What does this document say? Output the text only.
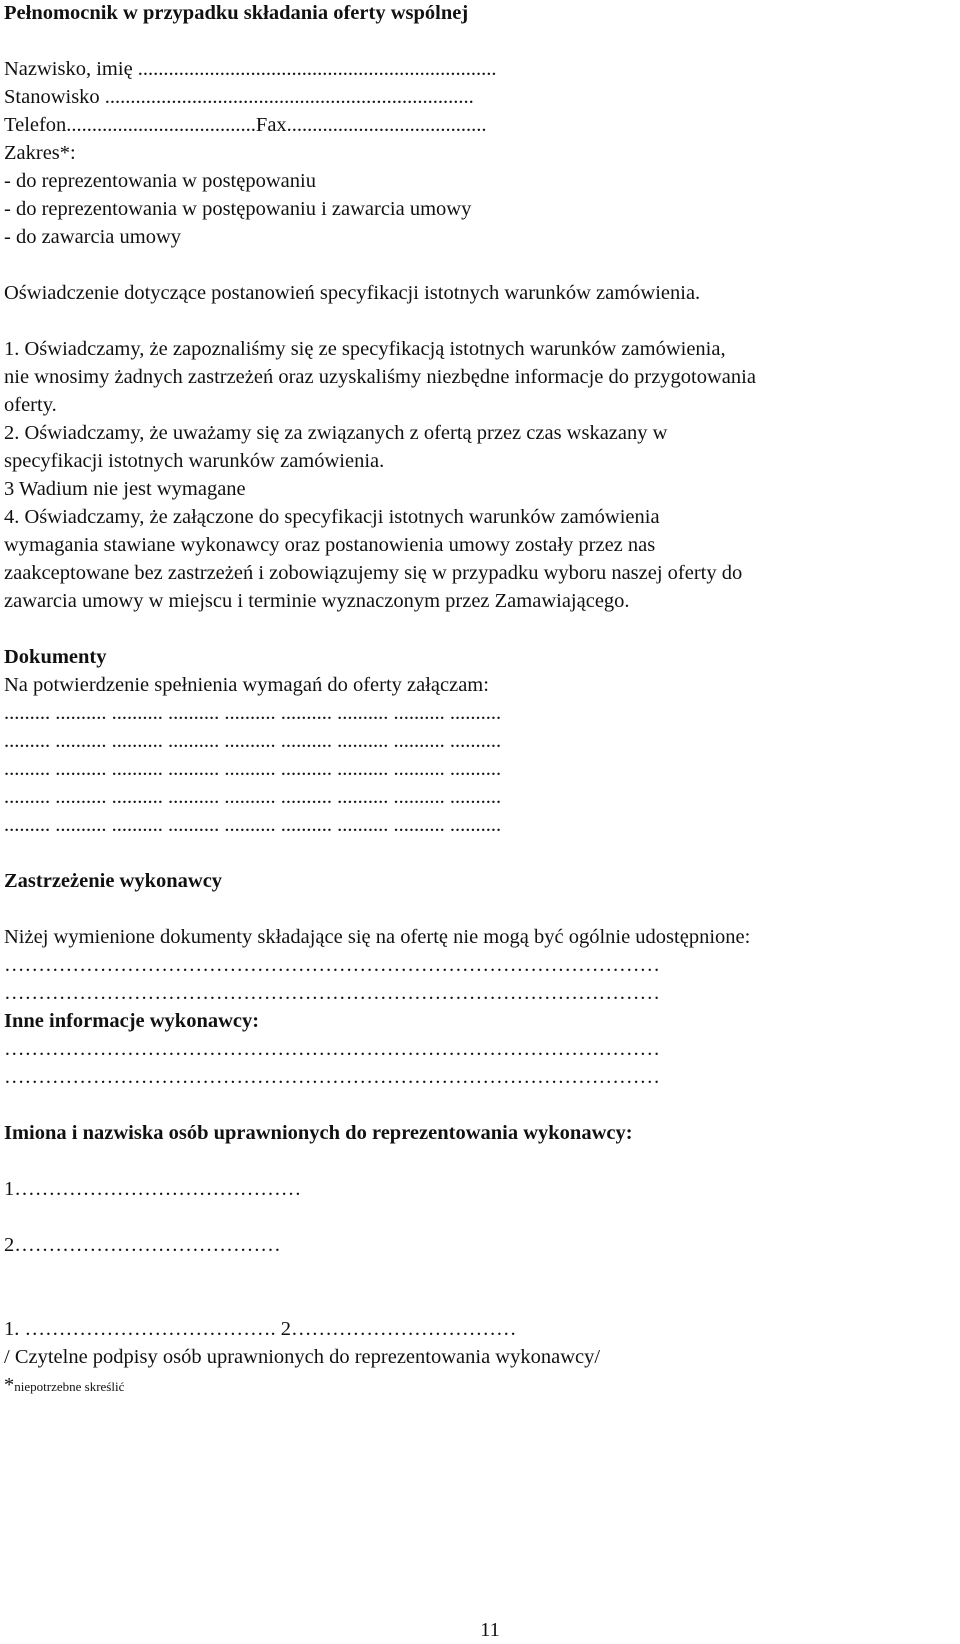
Pełnomocnik w przypadku składania oferty wspólnej
Nazwisko, imię ......................................................................
Stanowisko ........................................................................
Telefon.....................................Fax.......................................
Zakres*:
- do reprezentowania w postępowaniu
- do reprezentowania w postępowaniu i zawarcia umowy
- do zawarcia umowy
Oświadczenie dotyczące postanowień specyfikacji istotnych warunków zamówienia.
1. Oświadczamy, że zapoznaliśmy się ze specyfikacją istotnych warunków zamówienia,
nie wnosimy żadnych zastrzeżeń oraz uzyskaliśmy niezbędne informacje do przygotowania
oferty.
2. Oświadczamy, że uważamy się za związanych z ofertą przez czas wskazany w
specyfikacji istotnych warunków zamówienia.
3 Wadium nie jest wymagane
4. Oświadczamy, że załączone do specyfikacji istotnych warunków zamówienia
wymagania stawiane wykonawcy oraz postanowienia umowy zostały przez nas
zaakceptowane bez zastrzeżeń i zobowiązujemy się w przypadku wyboru naszej oferty do
zawarcia umowy w miejscu i terminie wyznaczonym przez Zamawiającego.
Dokumenty
Na potwierdzenie spełnienia wymagań do oferty załączam:
......... .......... .......... .......... .......... .......... .......... .......... ..........
......... .......... .......... .......... .......... .......... .......... .......... ..........
......... .......... .......... .......... .......... .......... .......... .......... ..........
......... .......... .......... .......... .......... .......... .......... .......... ..........
......... .......... .......... .......... .......... .......... .......... .......... ..........
Zastrzeżenie wykonawcy
Niżej wymienione dokumenty składające się na ofertę nie mogą być ogólnie udostępnione:
……………………………………………………………………………………
……………………………………………………………………………………
Inne informacje wykonawcy:
……………………………………………………………………………………
……………………………………………………………………………………
Imiona i nazwiska osób uprawnionych do reprezentowania wykonawcy:
1……………………………………
2…………………………………
1. ………………………………. 2……………………………
/ Czytelne podpisy osób uprawnionych do reprezentowania wykonawcy/
*niepotrzebne skreślić
11
